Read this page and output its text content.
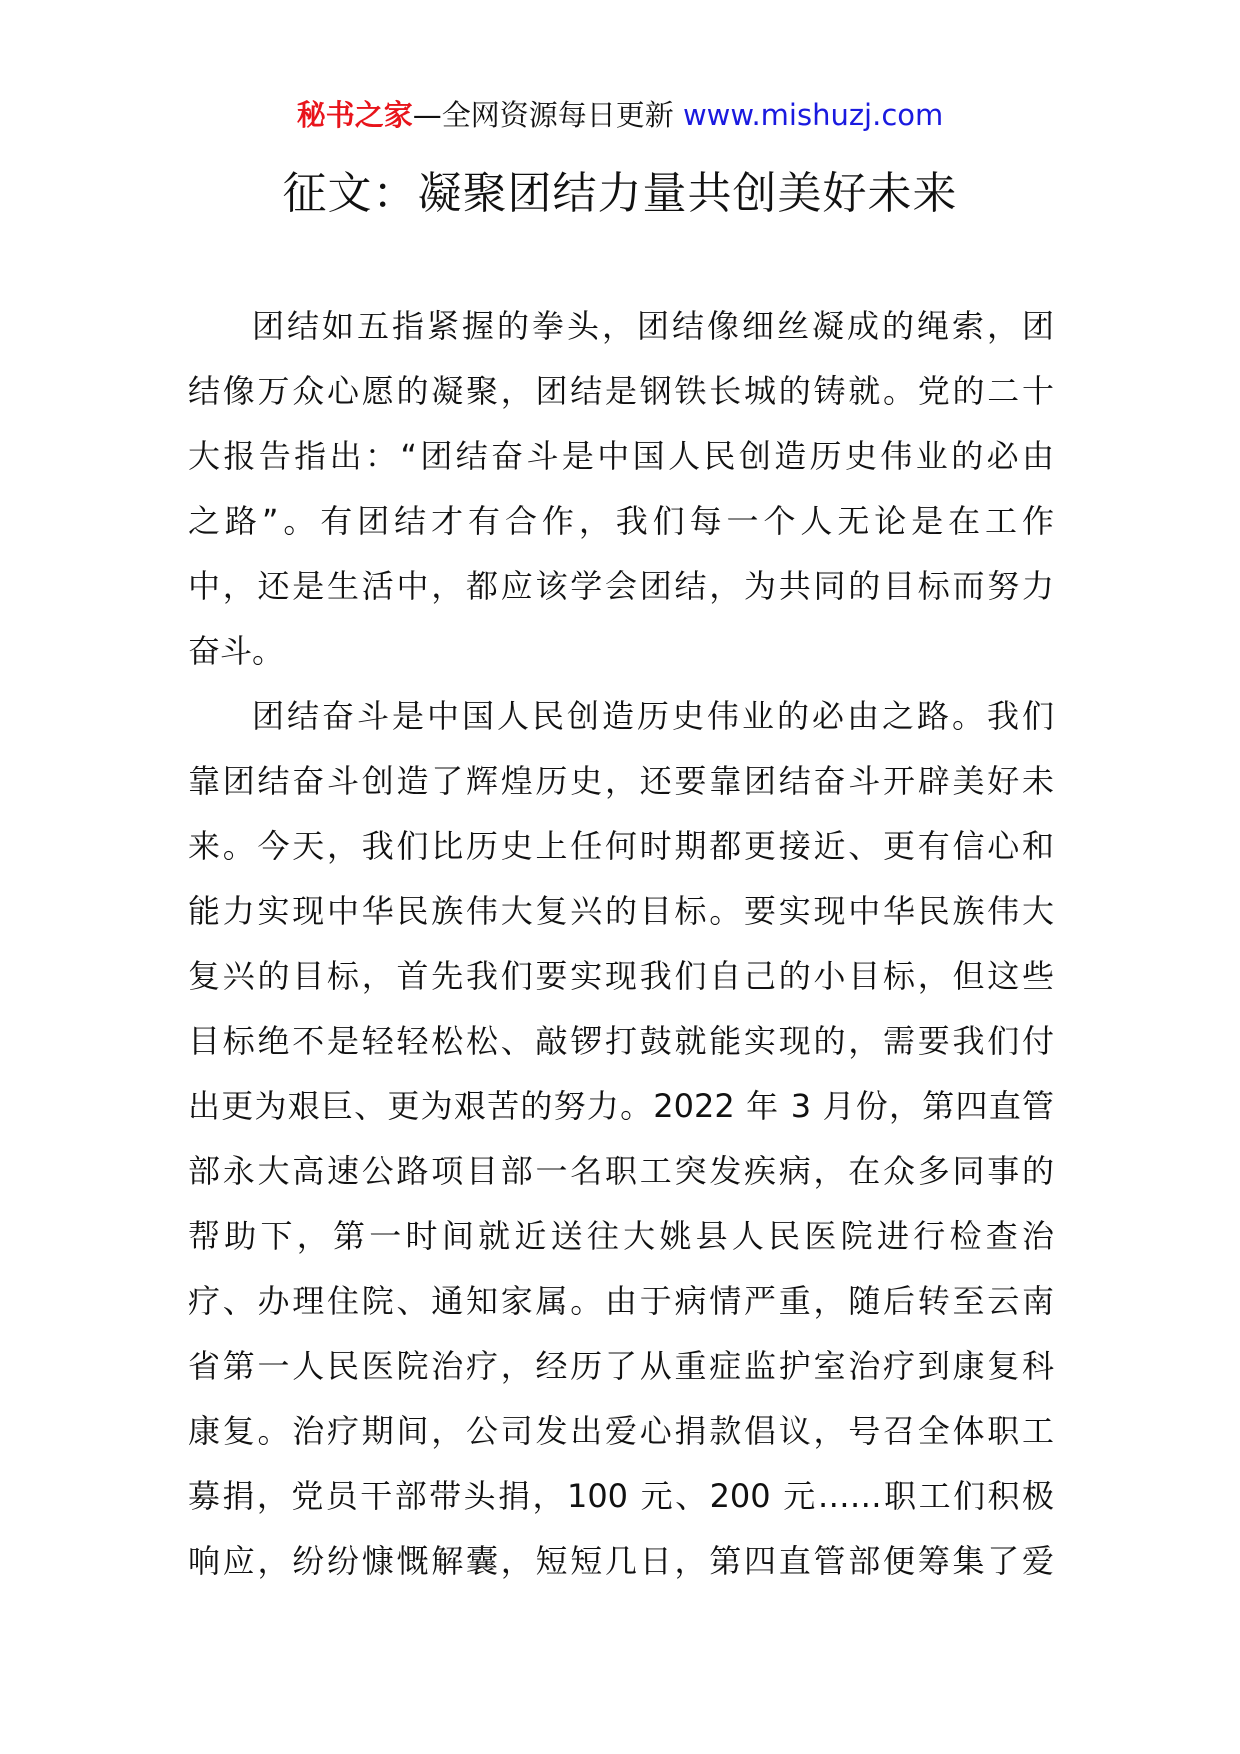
秘书之家—全网资源每日更新 www.mishuzj.com
征文：凝聚团结力量共创美好未来
团结如五指紧握的拳头，团结像细丝凝成的绳索，团
结像万众心愿的凝聚，团结是钢铁长城的铸就。党的二十
大报告指出：“团结奋斗是中国人民创造历史伟业的必由
之路”。有团结才有合作，我们每一个人无论是在工作
中，还是生活中，都应该学会团结，为共同的目标而努力
奋斗。
团结奋斗是中国人民创造历史伟业的必由之路。我们
靠团结奋斗创造了辉煌历史，还要靠团结奋斗开辟美好未
来。今天，我们比历史上任何时期都更接近、更有信心和
能力实现中华民族伟大复兴的目标。要实现中华民族伟大
复兴的目标，首先我们要实现我们自己的小目标，但这些
目标绝不是轻轻松松、敲锣打鼓就能实现的，需要我们付
出更为艰巨、更为艰苦的努力。2022 年 3 月份，第四直管
部永大高速公路项目部一名职工突发疾病，在众多同事的
帮助下，第一时间就近送往大姚县人民医院进行检查治
疗、办理住院、通知家属。由于病情严重，随后转至云南
省第一人民医院治疗，经历了从重症监护室治疗到康复科
康复。治疗期间，公司发出爱心捐款倡议，号召全体职工
募捐，党员干部带头捐，100 元、200 元……职工们积极
响应，纷纷慷慨解囊，短短几日，第四直管部便筹集了爱
